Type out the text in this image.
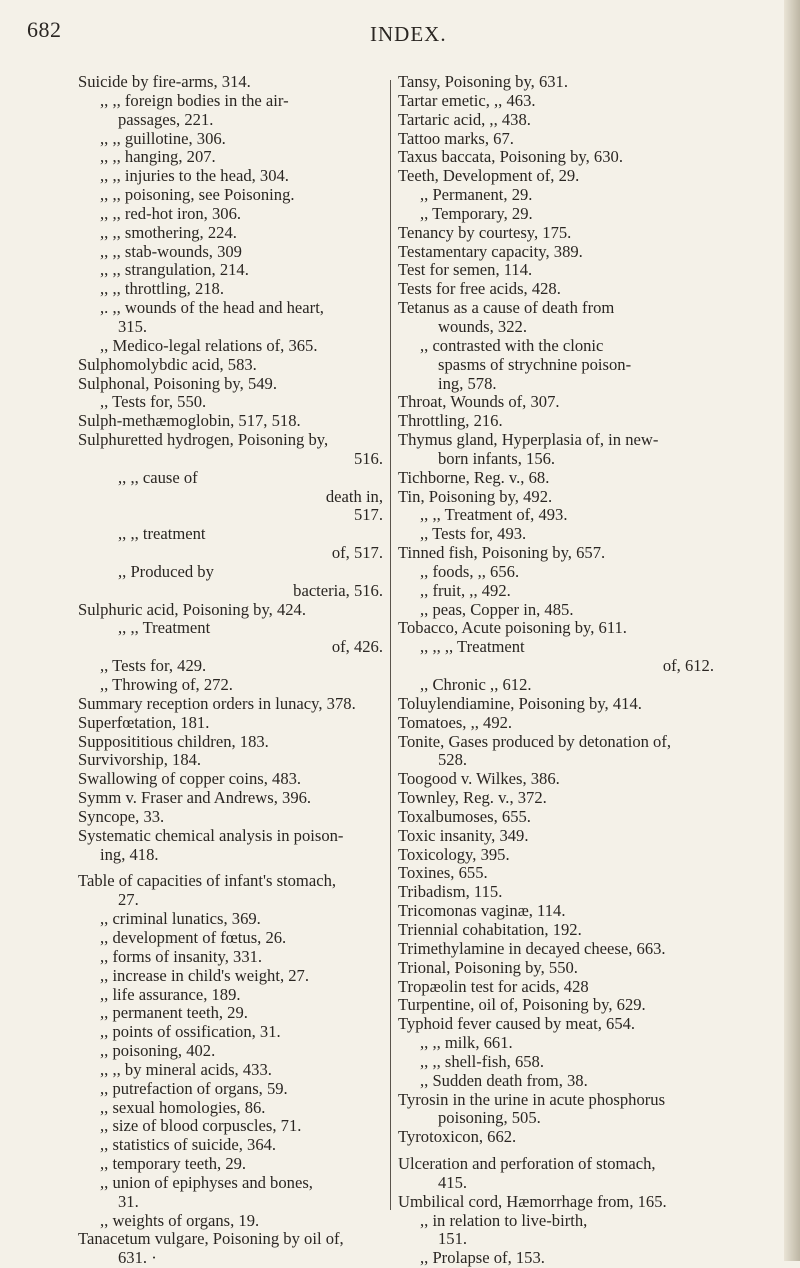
682	INDEX.
Suicide by fire-arms, 314.
,, ,, foreign bodies in the air-
passages, 221.
,, ,, guillotine, 306.
,, ,, hanging, 207.
,, ,, injuries to the head, 304.
,, ,, poisoning, see Poisoning.
,, ,, red-hot iron, 306.
,, ,, smothering, 224.
,, ,, stab-wounds, 309
,, ,, strangulation, 214.
,, ,, throttling, 218.
,. ,, wounds of the head and heart,
315.
,, Medico-legal relations of, 365.
Sulphomolybdic acid, 583.
Sulphonal, Poisoning by, 549.
,, Tests for, 550.
Sulph-methæmoglobin, 517, 518.
Sulphuretted hydrogen, Poisoning by,
516.
,, ,, cause of
death in,
517.
,, ,, treatment
of, 517.
,, Produced by
bacteria, 516.
Sulphuric acid, Poisoning by, 424.
,, ,, Treatment
of, 426.
,, Tests for, 429.
,, Throwing of, 272.
Summary reception orders in lunacy, 378.
Superfœtation, 181.
Supposititious children, 183.
Survivorship, 184.
Swallowing of copper coins, 483.
Symm v. Fraser and Andrews, 396.
Syncope, 33.
Systematic chemical analysis in poison-
ing, 418.
Table of capacities of infant's stomach,
27.
,, criminal lunatics, 369.
,, development of fœtus, 26.
,, forms of insanity, 331.
,, increase in child's weight, 27.
,, life assurance, 189.
,, permanent teeth, 29.
,, points of ossification, 31.
,, poisoning, 402.
,, ,, by mineral acids, 433.
,, putrefaction of organs, 59.
,, sexual homologies, 86.
,, size of blood corpuscles, 71.
,, statistics of suicide, 364.
,, temporary teeth, 29.
,, union of epiphyses and bones,
31.
,, weights of organs, 19.
Tanacetum vulgare, Poisoning by oil of,
631. ·
Tansy, Poisoning by, 631.
Tartar emetic, ,, 463.
Tartaric acid, ,, 438.
Tattoo marks, 67.
Taxus baccata, Poisoning by, 630.
Teeth, Development of, 29.
,, Permanent, 29.
,, Temporary, 29.
Tenancy by courtesy, 175.
Testamentary capacity, 389.
Test for semen, 114.
Tests for free acids, 428.
Tetanus as a cause of death from
wounds, 322.
,, contrasted with the clonic
spasms of strychnine poison-
ing, 578.
Throat, Wounds of, 307.
Throttling, 216.
Thymus gland, Hyperplasia of, in new-
born infants, 156.
Tichborne, Reg. v., 68.
Tin, Poisoning by, 492.
,, ,, Treatment of, 493.
,, Tests for, 493.
Tinned fish, Poisoning by, 657.
,, foods, ,, 656.
,, fruit, ,, 492.
,, peas, Copper in, 485.
Tobacco, Acute poisoning by, 611.
,, ,, ,, Treatment
of, 612.
,, Chronic ,, 612.
Toluylendiamine, Poisoning by, 414.
Tomatoes, ,, 492.
Tonite, Gases produced by detonation of,
528.
Toogood v. Wilkes, 386.
Townley, Reg. v., 372.
Toxalbumoses, 655.
Toxic insanity, 349.
Toxicology, 395.
Toxines, 655.
Tribadism, 115.
Tricomonas vaginæ, 114.
Triennial cohabitation, 192.
Trimethylamine in decayed cheese, 663.
Trional, Poisoning by, 550.
Tropæolin test for acids, 428
Turpentine, oil of, Poisoning by, 629.
Typhoid fever caused by meat, 654.
,, ,, milk, 661.
,, ,, shell-fish, 658.
,, Sudden death from, 38.
Tyrosin in the urine in acute phosphorus
poisoning, 505.
Tyrotoxicon, 662.
Ulceration and perforation of stomach,
415.
Umbilical cord, Hæmorrhage from, 165.
,, in relation to live-birth,
151.
,, Prolapse of, 153.
